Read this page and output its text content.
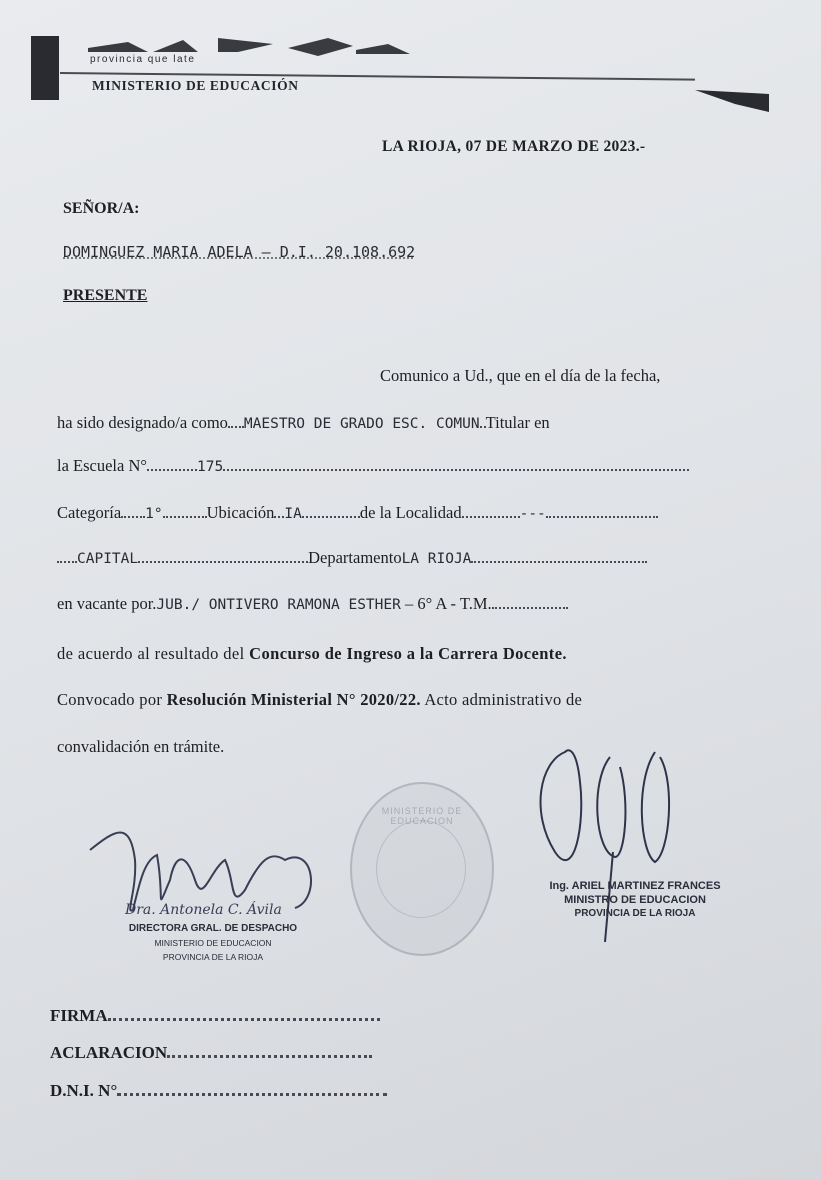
provincia que late
MINISTERIO DE EDUCACIÓN
LA RIOJA, 07 DE MARZO DE 2023.-
SEÑOR/A:
DOMINGUEZ MARIA ADELA – D.I. 20.108.692
PRESENTE
Comunico a Ud., que en el día de la fecha,
ha sido designado/a como MAESTRO DE GRADO ESC. COMUN Titular en
la Escuela N°	175
Categoría 1°	Ubicación IA	de la Localidad	---
CAPITAL	DepartamentoLA RIOJA
en vacante por.JUB./ ONTIVERO RAMONA ESTHER – 6° A - T.M.
de acuerdo al resultado del Concurso de Ingreso a la Carrera Docente.
Convocado por Resolución Ministerial N° 2020/22. Acto administrativo de
convalidación en trámite.
Dra. Antonela C. Ávila
DIRECTORA GRAL. DE DESPACHO
MINISTERIO DE EDUCACION
PROVINCIA DE LA RIOJA
MINISTERIO DE EDUCACION
Ing. ARIEL MARTINEZ FRANCES
MINISTRO DE EDUCACION
PROVINCIA DE LA RIOJA
FIRMA
ACLARACION
D.N.I. N°
